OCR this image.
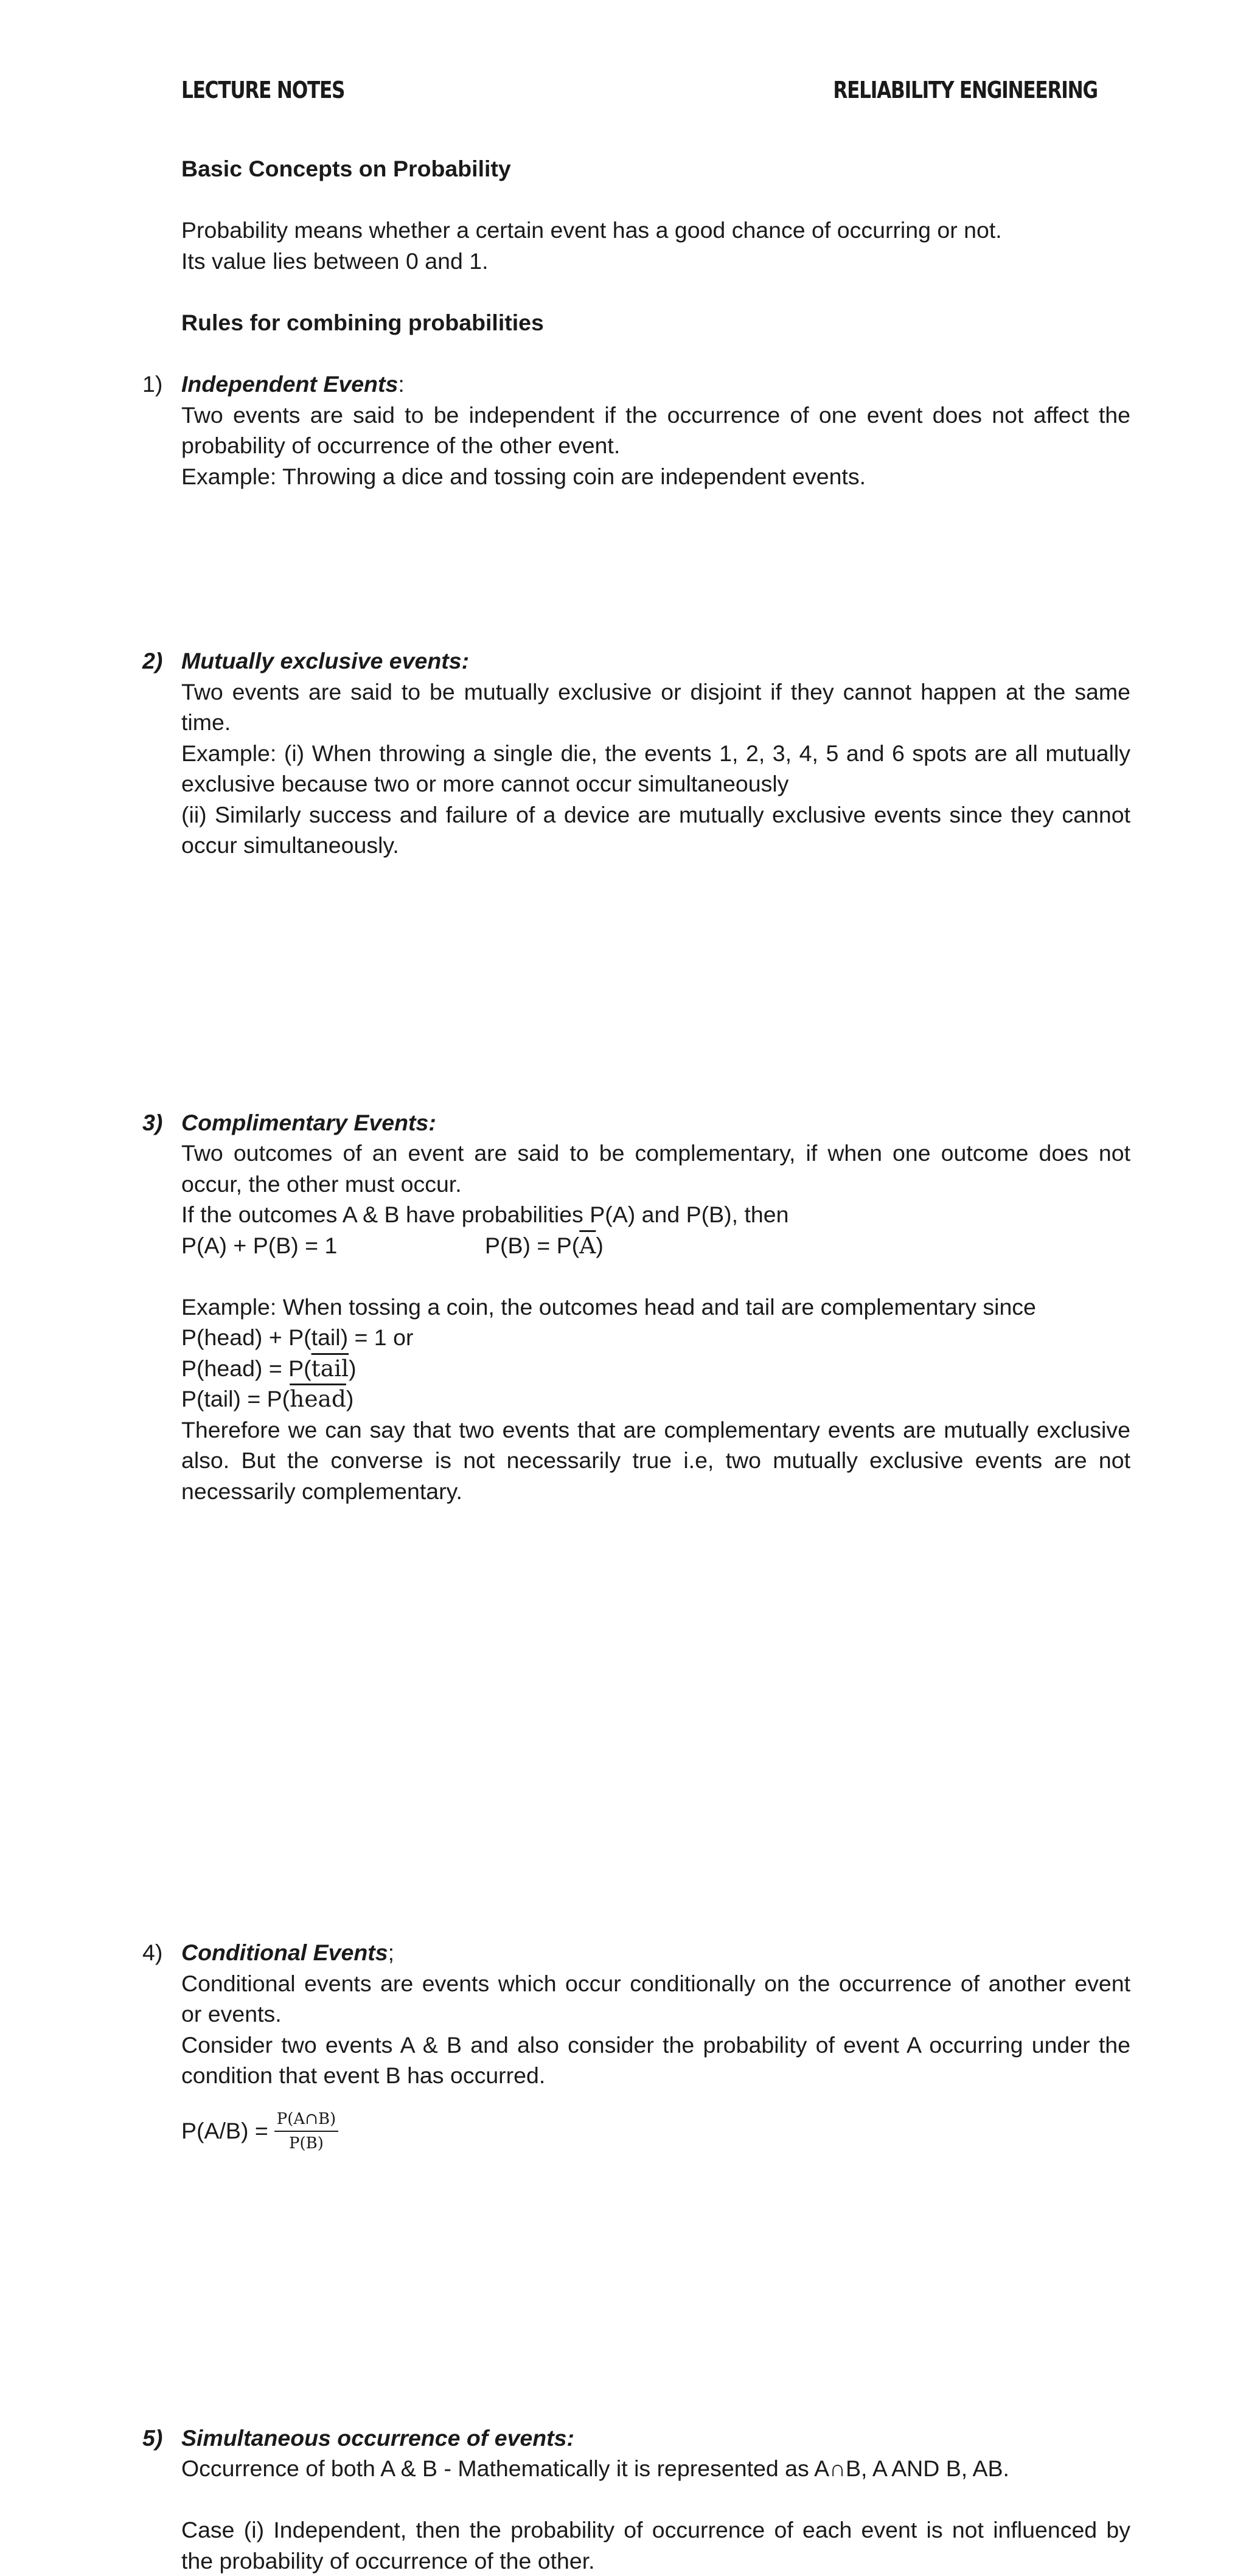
LECTURE NOTES	RELIABILITY ENGINEERING
Basic Concepts on Probability
Probability means whether a certain event has a good chance of occurring or not.
Its value lies between 0 and 1.
Rules for combining probabilities
1) Independent Events:
Two events are said to be independent if the occurrence of one event does not affect the
probability of occurrence of the other event.
Example: Throwing a dice and tossing coin are independent events.
2) Mutually exclusive events:
Two events are said to be mutually exclusive or disjoint if they cannot happen at the same
time.
Example: (i) When throwing a single die, the events 1, 2, 3, 4, 5 and 6 spots are all mutually
exclusive because two or more cannot occur simultaneously
(ii) Similarly success and failure of a device are mutually exclusive events since they cannot
occur simultaneously.
3) Complimentary Events:
Two outcomes of an event are said to be complementary, if when one outcome does not
occur, the other must occur.
If the outcomes A & B have probabilities P(A) and P(B), then
P(A) + P(B) = 1	$P(B) = P(\overline{A})$
Example: When tossing a coin, the outcomes head and tail are complementary since
P(head) + P(tail) = 1 or
P(head) = P(tail)
P(tail) = P(head)
Therefore we can say that two events that are complementary events are mutually exclusive
also. But the converse is not necessarily true i.e, two mutually exclusive events are not
necessarily complementary.
4) Conditional Events;
Conditional events are events which occur conditionally on the occurrence of another event
or events.
Consider two events A & B and also consider the probability of event A occurring under the
condition that event B has occurred.
$P(A/B) = \frac{P(A\cap B)}{P(B)}$
5) Simultaneous occurrence of events:
Occurrence of both A & B - Mathematically it is represented as A∩B, A AND B, AB.
Case (i) Independent, then the probability of occurrence of each event is not influenced by
the probability of occurrence of the other.
